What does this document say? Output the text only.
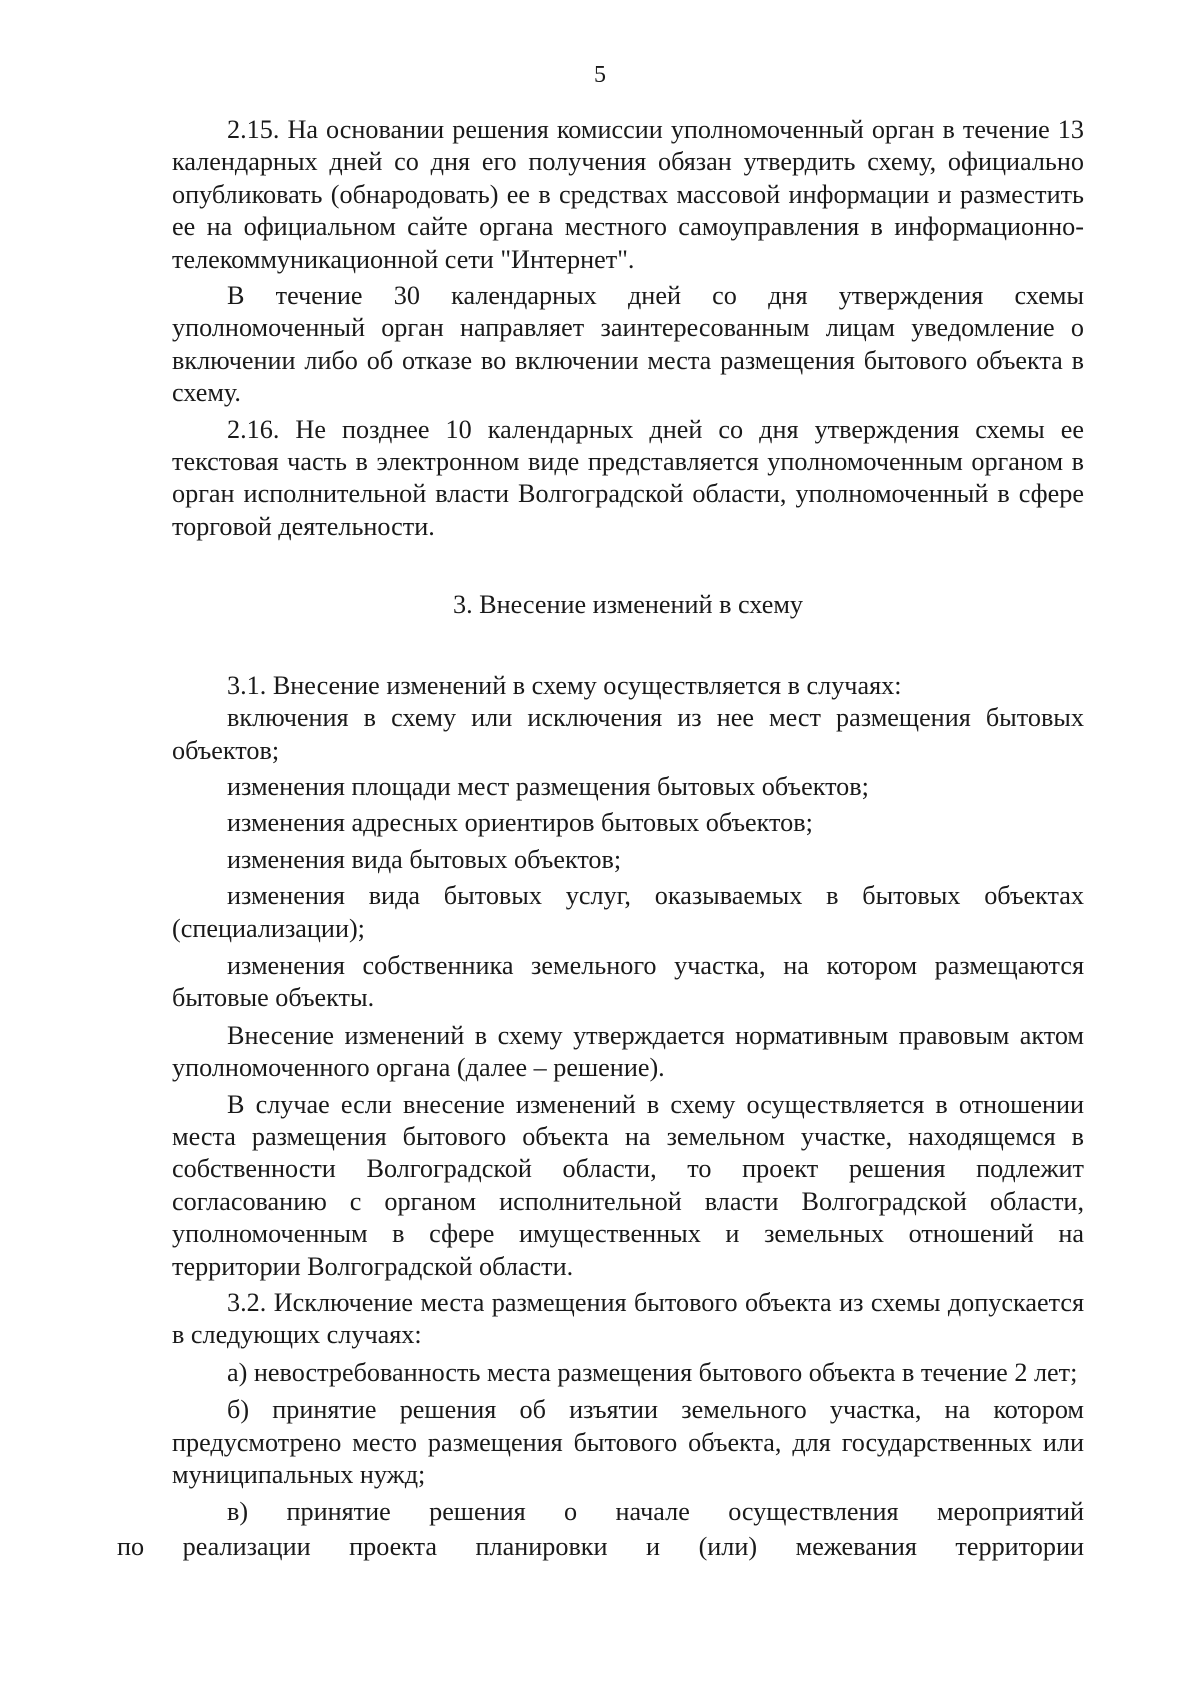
5

2.15. На основании решения комиссии уполномоченный орган в течение 13 календарных дней со дня его получения обязан утвердить схему, официально опубликовать (обнародовать) ее в средствах массовой информации и разместить ее на официальном сайте органа местного самоуправления в информационно-телекоммуникационной сети "Интернет".

В течение 30 календарных дней со дня утверждения схемы уполномоченный орган направляет заинтересованным лицам уведомление о включении либо об отказе во включении места размещения бытового объекта в схему.

2.16. Не позднее 10 календарных дней со дня утверждения схемы ее текстовая часть в электронном виде представляется уполномоченным органом в орган исполнительной власти Волгоградской области, уполномоченный в сфере торговой деятельности.

3. Внесение изменений в схему

3.1. Внесение изменений в схему осуществляется в случаях:

включения в схему или исключения из нее мест размещения бытовых объектов;

изменения площади мест размещения бытовых объектов;

изменения адресных ориентиров бытовых объектов;

изменения вида бытовых объектов;

изменения вида бытовых услуг, оказываемых в бытовых объектах (специализации);

изменения собственника земельного участка, на котором размещаются бытовые объекты.

Внесение изменений в схему утверждается нормативным правовым актом уполномоченного органа (далее – решение).

В случае если внесение изменений в схему осуществляется в отношении места размещения бытового объекта на земельном участке, находящемся в собственности Волгоградской области, то проект решения подлежит согласованию с органом исполнительной власти Волгоградской области, уполномоченным в сфере имущественных и земельных отношений на территории Волгоградской области.

3.2. Исключение места размещения бытового объекта из схемы допускается в следующих случаях:

а) невостребованность места размещения бытового объекта в течение 2 лет;

б) принятие решения об изъятии земельного участка, на котором предусмотрено место размещения бытового объекта, для государственных или муниципальных нужд;

в) принятие решения о начале осуществления мероприятий
по реализации проекта планировки и (или) межевания территории
